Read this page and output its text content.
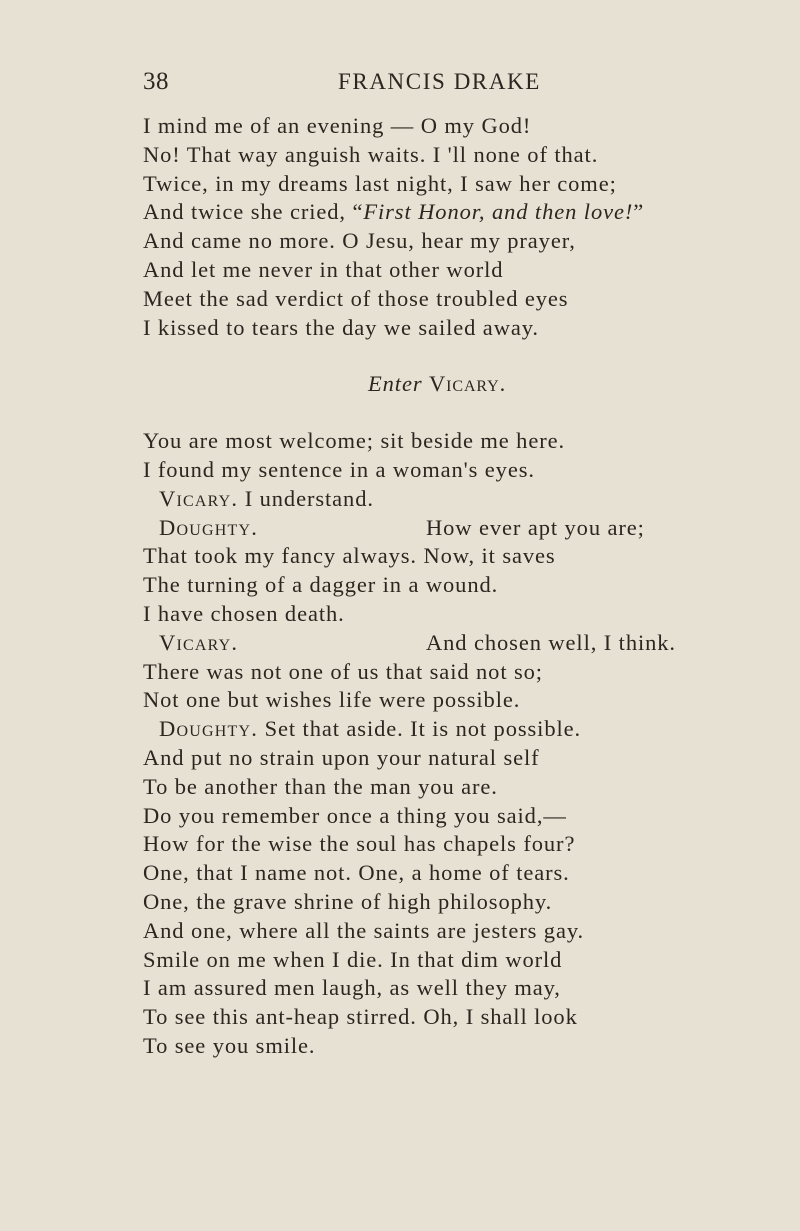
38	FRANCIS DRAKE
I mind me of an evening — O my God!
No! That way anguish waits. I 'll none of that.
Twice, in my dreams last night, I saw her come;
And twice she cried, “First Honor, and then love!”
And came no more. O Jesu, hear my prayer,
And let me never in that other world
Meet the sad verdict of those troubled eyes
I kissed to tears the day we sailed away.
Enter Vicary.
You are most welcome; sit beside me here.
I found my sentence in a woman's eyes.
Vicary. I understand.
Doughty.	How ever apt you are;
That took my fancy always. Now, it saves
The turning of a dagger in a wound.
I have chosen death.
Vicary.	And chosen well, I think.
There was not one of us that said not so;
Not one but wishes life were possible.
Doughty. Set that aside. It is not possible.
And put no strain upon your natural self
To be another than the man you are.
Do you remember once a thing you said,—
How for the wise the soul has chapels four?
One, that I name not. One, a home of tears.
One, the grave shrine of high philosophy.
And one, where all the saints are jesters gay.
Smile on me when I die. In that dim world
I am assured men laugh, as well they may,
To see this ant-heap stirred. Oh, I shall look
To see you smile.
